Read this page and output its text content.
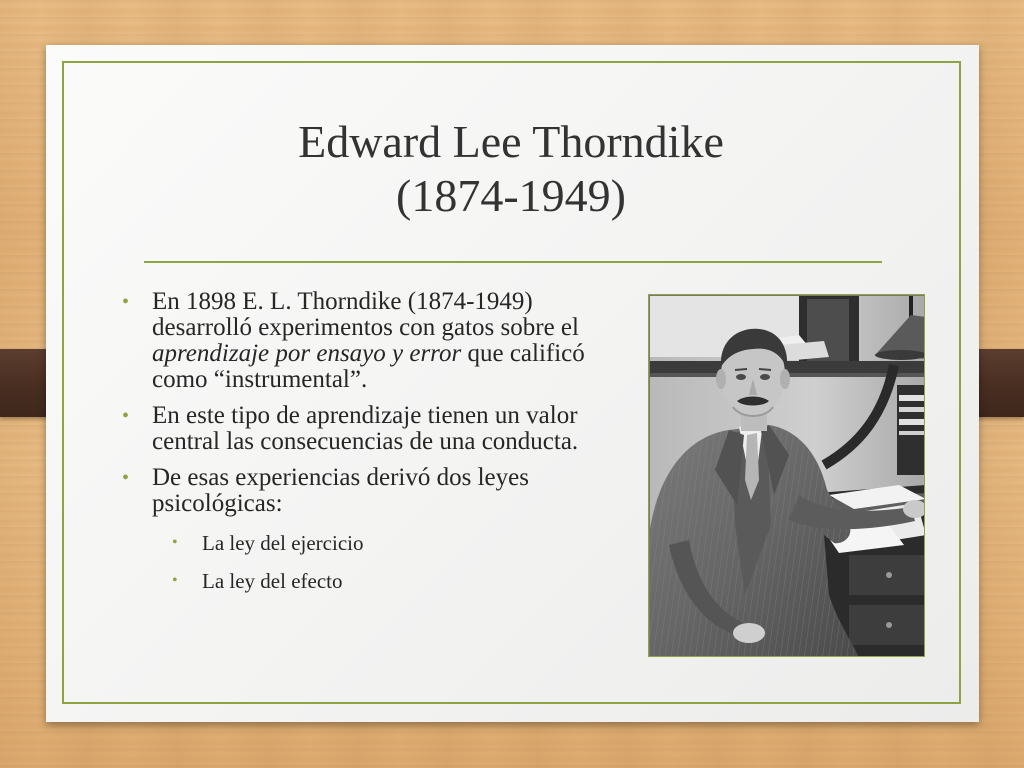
Edward Lee Thorndike
(1874-1949)
• En 1898 E. L. Thorndike (1874-1949) desarrolló experimentos con gatos sobre el aprendizaje por ensayo y error que calificó como “instrumental”.
• En este tipo de aprendizaje tienen un valor central las consecuencias de una conducta.
• De esas experiencias derivó dos leyes psicológicas:
• La ley del ejercicio
• La ley del efecto
